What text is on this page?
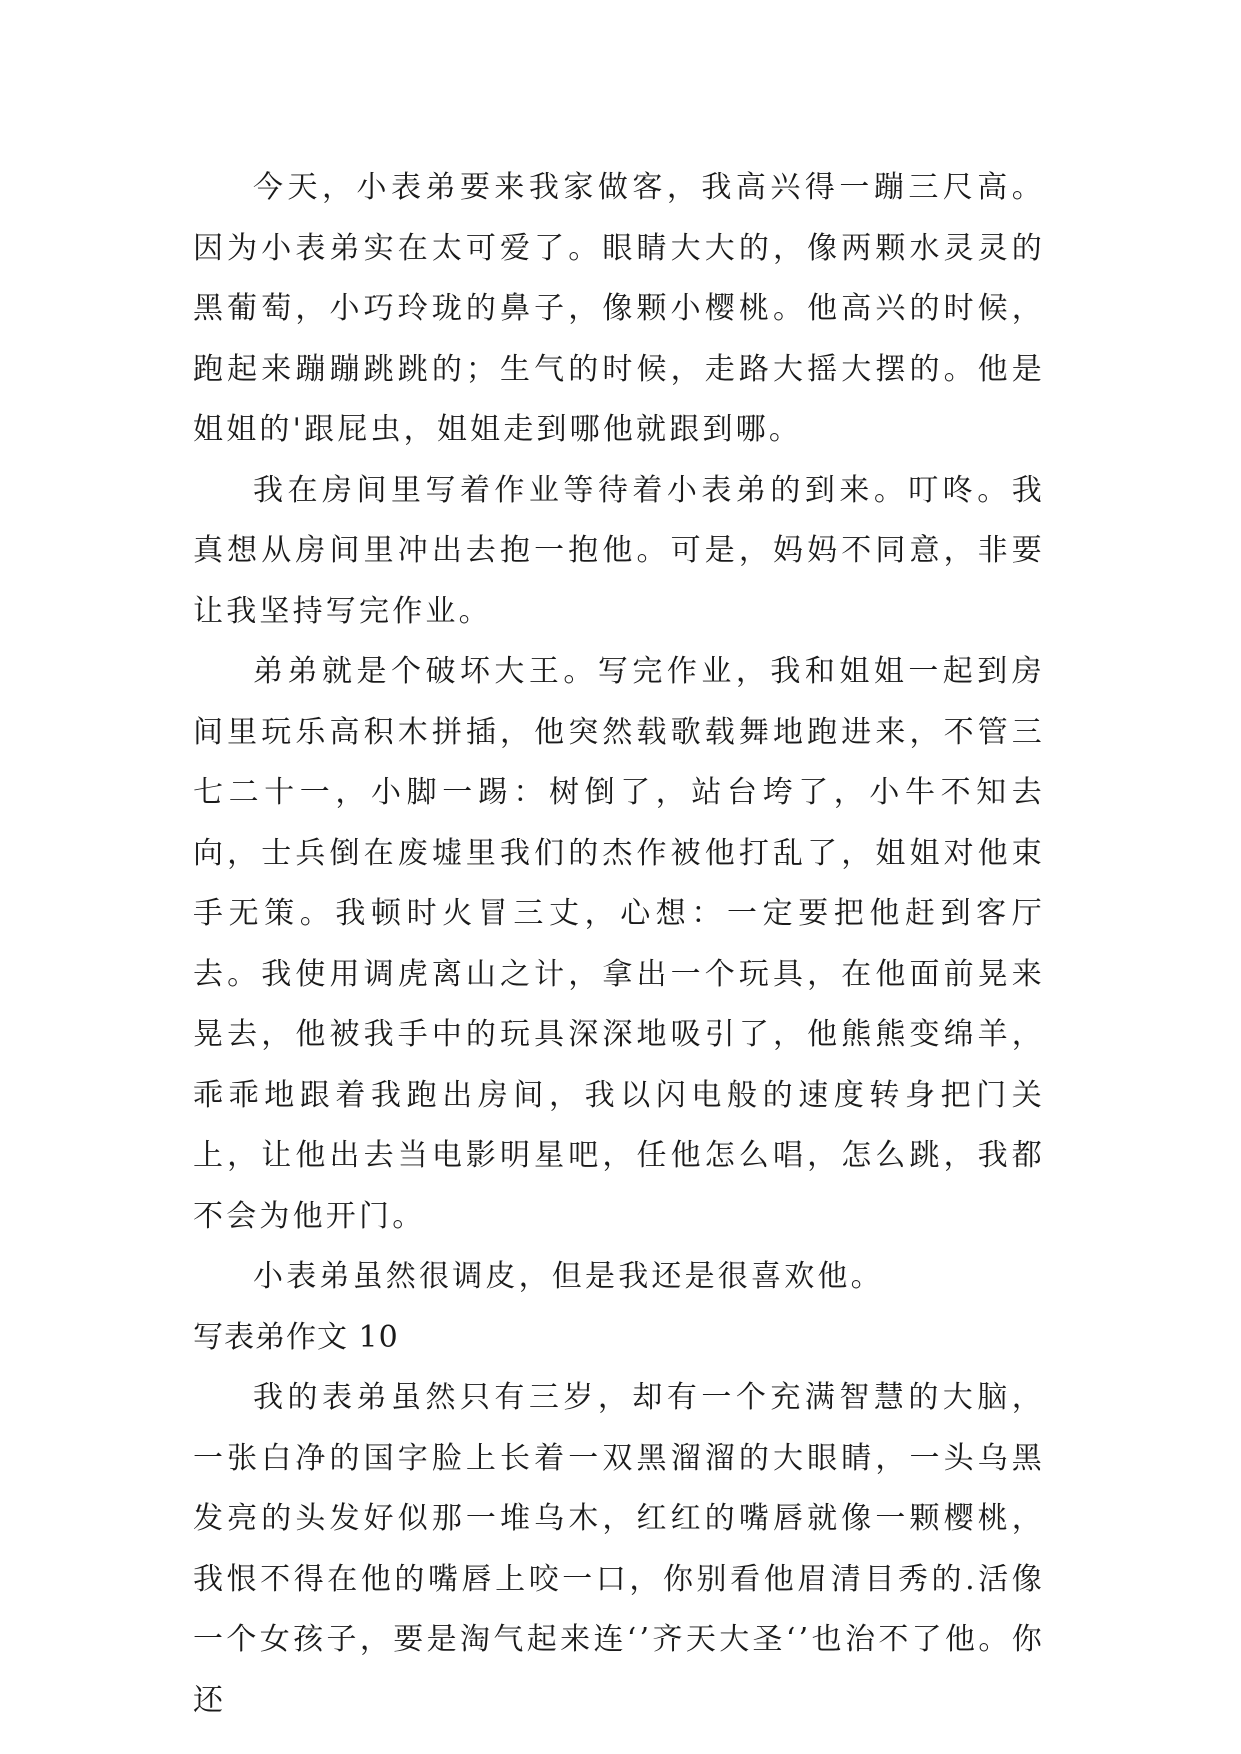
今天，小表弟要来我家做客，我高兴得一蹦三尺高。因为小表弟实在太可爱了。眼睛大大的，像两颗水灵灵的黑葡萄，小巧玲珑的鼻子，像颗小樱桃。他高兴的时候，跑起来蹦蹦跳跳的；生气的时候，走路大摇大摆的。他是姐姐的'跟屁虫，姐姐走到哪他就跟到哪。

我在房间里写着作业等待着小表弟的到来。叮咚。我真想从房间里冲出去抱一抱他。可是，妈妈不同意，非要让我坚持写完作业。

弟弟就是个破坏大王。写完作业，我和姐姐一起到房间里玩乐高积木拼插，他突然载歌载舞地跑进来，不管三七二十一，小脚一踢：树倒了，站台垮了，小牛不知去向，士兵倒在废墟里我们的杰作被他打乱了，姐姐对他束手无策。我顿时火冒三丈，心想：一定要把他赶到客厅去。我使用调虎离山之计，拿出一个玩具，在他面前晃来晃去，他被我手中的玩具深深地吸引了，他熊熊变绵羊，乖乖地跟着我跑出房间，我以闪电般的速度转身把门关上，让他出去当电影明星吧，任他怎么唱，怎么跳，我都不会为他开门。

小表弟虽然很调皮，但是我还是很喜欢他。

写表弟作文 10

我的表弟虽然只有三岁，却有一个充满智慧的大脑，一张白净的国字脸上长着一双黑溜溜的大眼睛，一头乌黑发亮的头发好似那一堆乌木，红红的嘴唇就像一颗樱桃，我恨不得在他的嘴唇上咬一口，你别看他眉清目秀的.活像一个女孩子，要是淘气起来连‘’齐天大圣‘’也治不了他。你还
